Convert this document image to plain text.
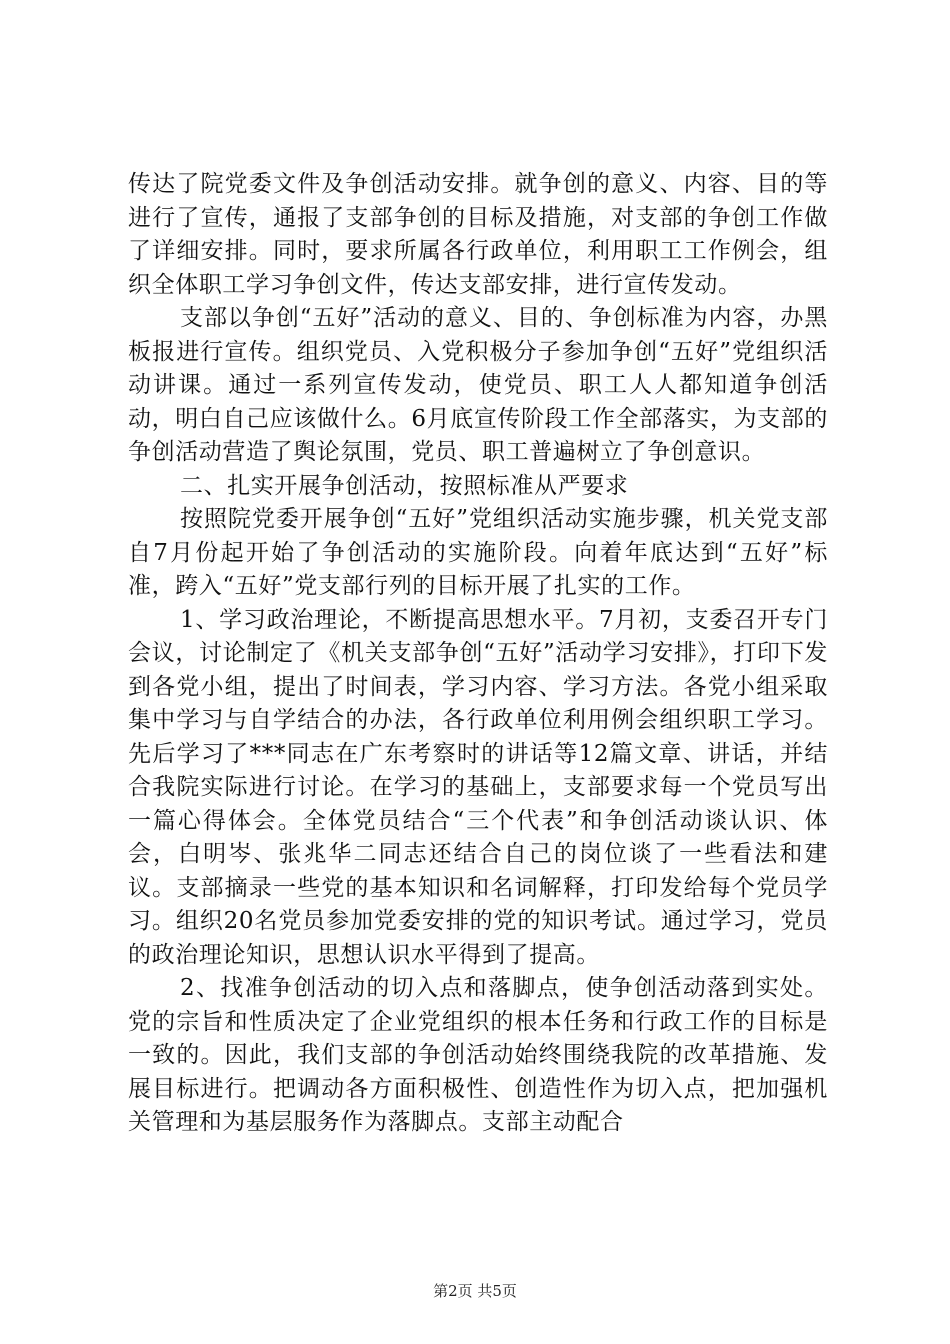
传达了院党委文件及争创活动安排。就争创的意义、内容、目的等进行了宣传，通报了支部争创的目标及措施，对支部的争创工作做了详细安排。同时，要求所属各行政单位，利用职工工作例会，组织全体职工学习争创文件，传达支部安排，进行宣传发动。

支部以争创“五好”活动的意义、目的、争创标准为内容，办黑板报进行宣传。组织党员、入党积极分子参加争创“五好”党组织活动讲课。通过一系列宣传发动，使党员、职工人人都知道争创活动，明白自己应该做什么。6月底宣传阶段工作全部落实，为支部的争创活动营造了舆论氛围，党员、职工普遍树立了争创意识。

二、扎实开展争创活动，按照标准从严要求

按照院党委开展争创“五好”党组织活动实施步骤，机关党支部自7月份起开始了争创活动的实施阶段。向着年底达到“五好”标准，跨入“五好”党支部行列的目标开展了扎实的工作。

1、学习政治理论，不断提高思想水平。7月初，支委召开专门会议，讨论制定了《机关支部争创“五好”活动学习安排》，打印下发到各党小组，提出了时间表，学习内容、学习方法。各党小组采取集中学习与自学结合的办法，各行政单位利用例会组织职工学习。先后学习了***同志在广东考察时的讲话等12篇文章、讲话，并结合我院实际进行讨论。在学习的基础上，支部要求每一个党员写出一篇心得体会。全体党员结合“三个代表”和争创活动谈认识、体会，白明岑、张兆华二同志还结合自己的岗位谈了一些看法和建议。支部摘录一些党的基本知识和名词解释，打印发给每个党员学习。组织20名党员参加党委安排的党的知识考试。通过学习，党员的政治理论知识，思想认识水平得到了提高。

2、找准争创活动的切入点和落脚点，使争创活动落到实处。党的宗旨和性质决定了企业党组织的根本任务和行政工作的目标是一致的。因此，我们支部的争创活动始终围绕我院的改革措施、发展目标进行。把调动各方面积极性、创造性作为切入点，把加强机关管理和为基层服务作为落脚点。支部主动配合

第2页 共5页
